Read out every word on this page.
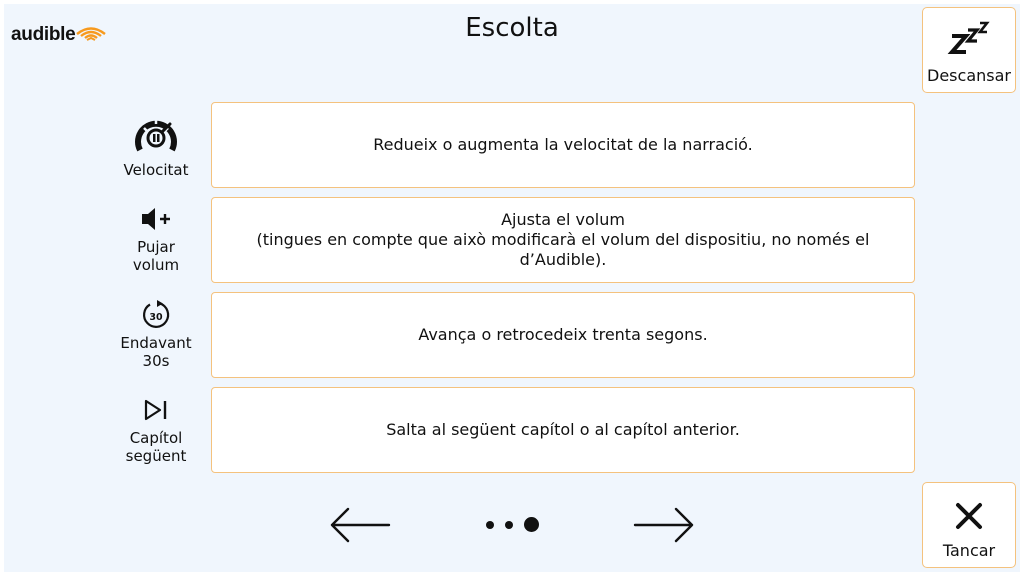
audible	Escolta
Descansar
Tancar
Velocitat
Redueix o augmenta la velocitat de la narració.
Pujar
volum
Ajusta el volum
(tingues en compte que això modificarà el volum del dispositiu, no només el d’Audible).
30
Endavant
30s
Avança o retrocedeix trenta segons.
Capítol
següent
Salta al següent capítol o al capítol anterior.
